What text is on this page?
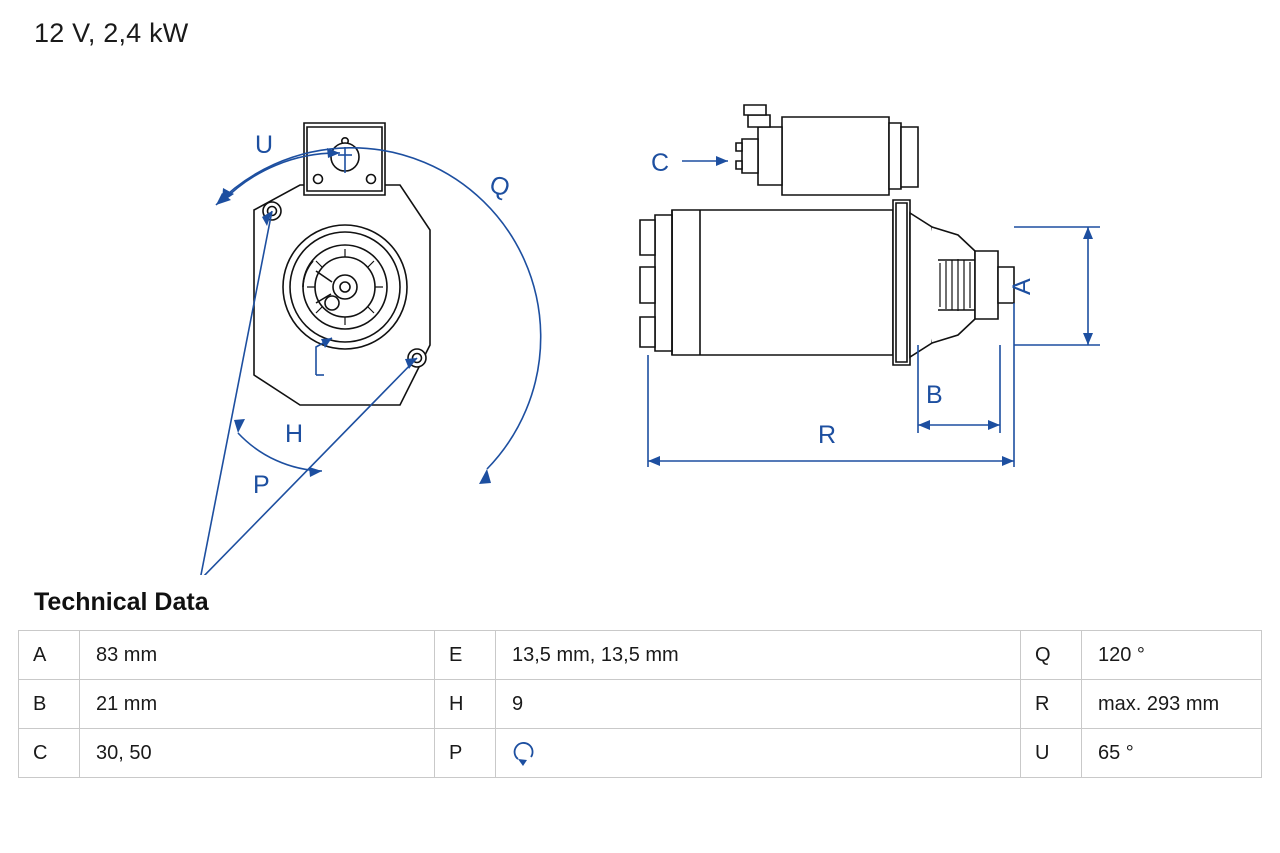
12 V, 2,4 kW
U
Q
H
P
C
A
B
R
Technical Data
A	83 mm	E	13,5 mm, 13,5 mm	Q	120 °
B	21 mm	H	9	R	max. 293 mm
C	30, 50	P		U	65 °
